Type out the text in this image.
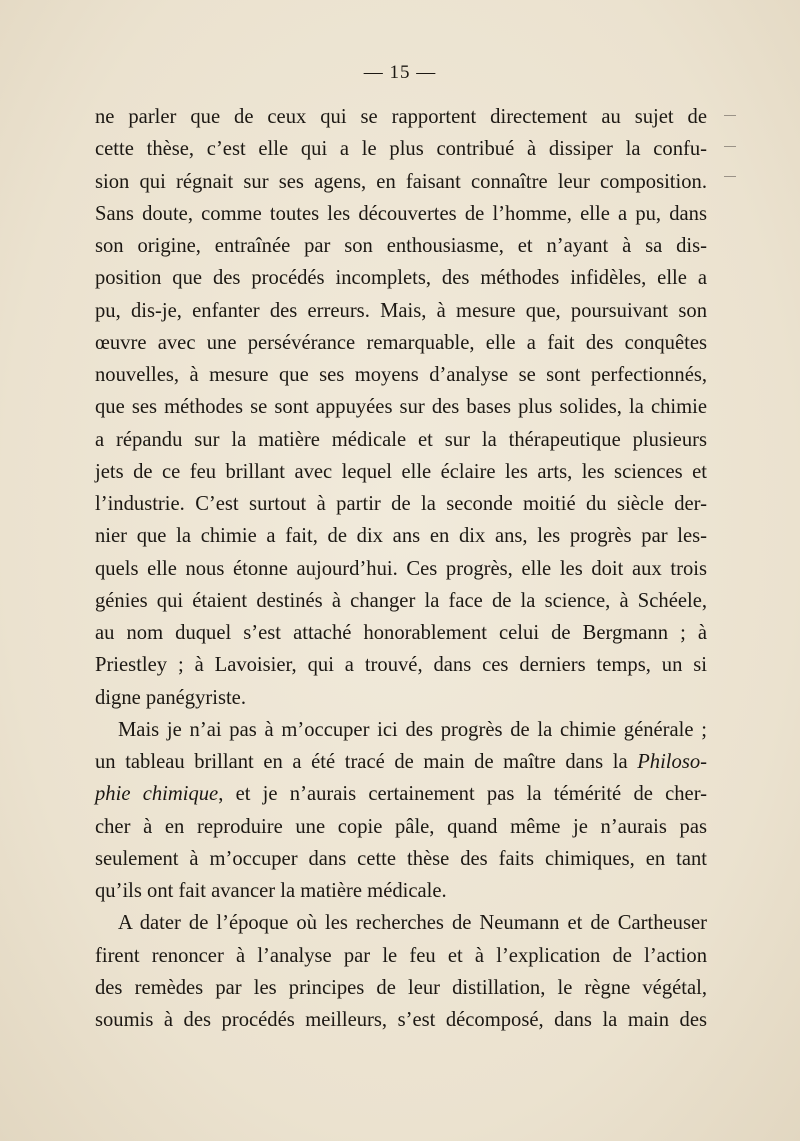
— 15 —
ne parler que de ceux qui se rapportent directement au sujet de
cette thèse, c’est elle qui a le plus contribué à dissiper la confu-
sion qui régnait sur ses agens, en faisant connaître leur composition.
Sans doute, comme toutes les découvertes de l’homme, elle a pu, dans
son origine, entraînée par son enthousiasme, et n’ayant à sa dis-
position que des procédés incomplets, des méthodes infidèles, elle a
pu, dis-je, enfanter des erreurs. Mais, à mesure que, poursuivant son
œuvre avec une persévérance remarquable, elle a fait des conquêtes
nouvelles, à mesure que ses moyens d’analyse se sont perfectionnés,
que ses méthodes se sont appuyées sur des bases plus solides, la chimie
a répandu sur la matière médicale et sur la thérapeutique plusieurs
jets de ce feu brillant avec lequel elle éclaire les arts, les sciences et
l’industrie. C’est surtout à partir de la seconde moitié du siècle der-
nier que la chimie a fait, de dix ans en dix ans, les progrès par les-
quels elle nous étonne aujourd’hui. Ces progrès, elle les doit aux trois
génies qui étaient destinés à changer la face de la science, à Schéele,
au nom duquel s’est attaché honorablement celui de Bergmann ; à
Priestley ; à Lavoisier, qui a trouvé, dans ces derniers temps, un si
digne panégyriste.
Mais je n’ai pas à m’occuper ici des progrès de la chimie générale ;
un tableau brillant en a été tracé de main de maître dans la Philoso-
phie chimique, et je n’aurais certainement pas la témérité de cher-
cher à en reproduire une copie pâle, quand même je n’aurais pas
seulement à m’occuper dans cette thèse des faits chimiques, en tant
qu’ils ont fait avancer la matière médicale.
A dater de l’époque où les recherches de Neumann et de Cartheuser
firent renoncer à l’analyse par le feu et à l’explication de l’action
des remèdes par les principes de leur distillation, le règne végétal,
soumis à des procédés meilleurs, s’est décomposé, dans la main des
